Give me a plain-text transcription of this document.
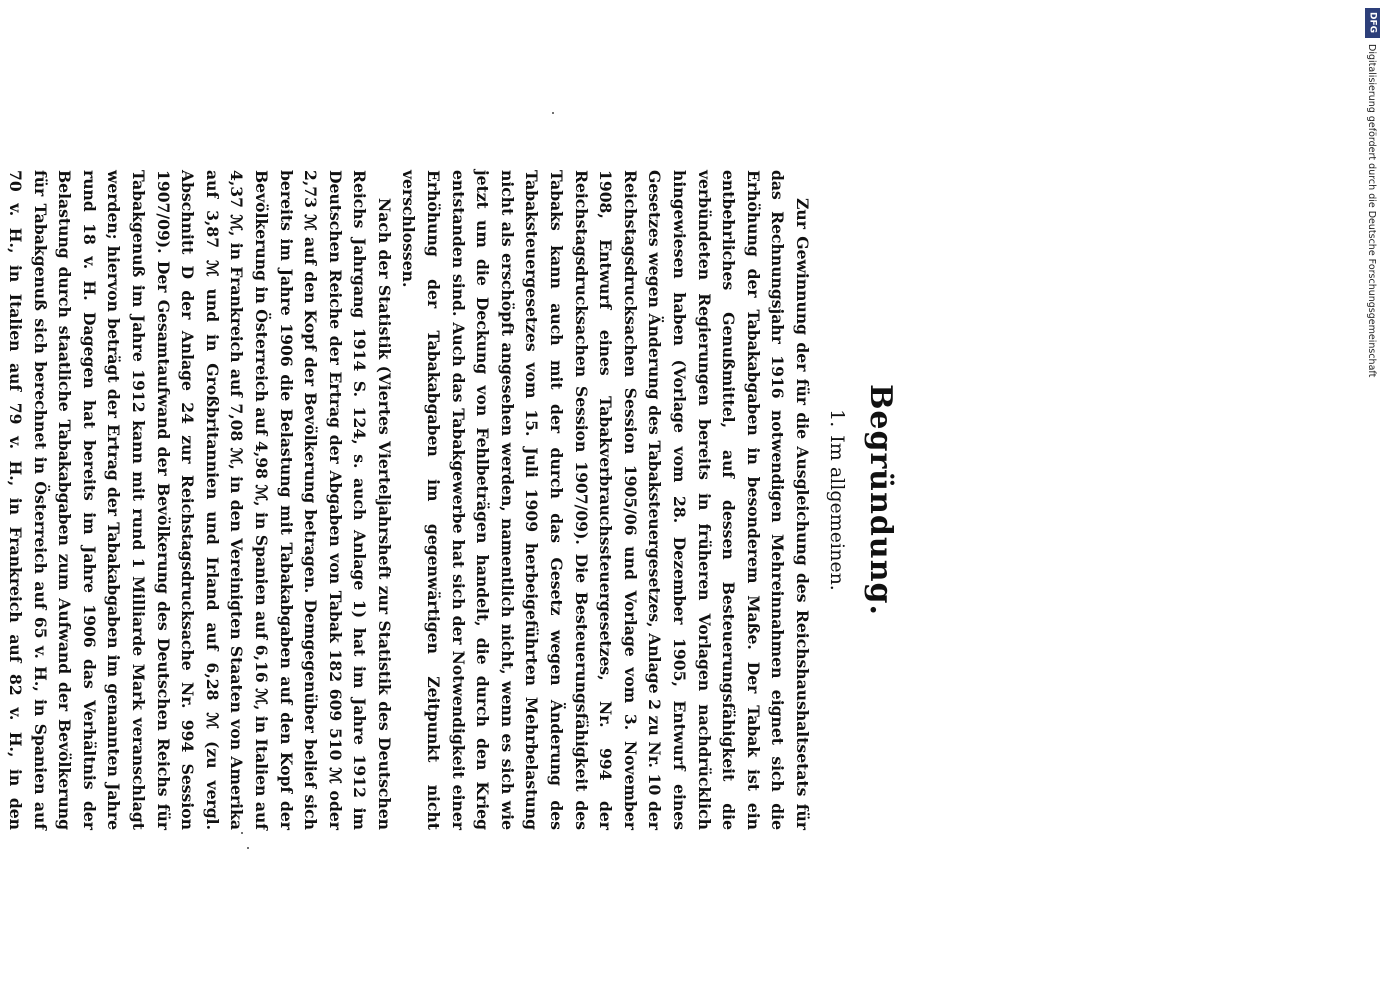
Begründung.
1.Im allgemeinen.

Zur Gewinnung der für die Ausgleichung des Reichshaushaltsetats für das Rechnungsjahr 1916 notwendigen Mehreinnahmen eignet sich die Erhöhung der Tabakabgaben in besonderem Maße. Der Tabak ist ein entbehrliches Genußmittel, auf dessen Besteuerungsfähigkeit die verbündeten Regierungen bereits in früheren Vorlagen nachdrücklich hingewiesen haben (Vorlage vom 28. Dezember 1905, Entwurf eines Gesetzes wegen Änderung des Tabaksteuergesetzes, Anlage 2 zu Nr. 10 der Reichstagsdrucksachen Session 1905/06 und Vorlage vom 3. November 1908, Entwurf eines Tabakverbrauchssteuergesetzes, Nr. 994 der Reichstagsdrucksachen Session 1907/09). Die Besteuerungsfähigkeit des Tabaks kann auch mit der durch das Gesetz wegen Änderung des Tabaksteuergesetzes vom 15. Juli 1909 herbeigeführten Mehrbelastung nicht als erschöpft angesehen werden, namentlich nicht, wenn es sich wie jetzt um die Deckung von Fehlbeträgen handelt, die durch den Krieg entstanden sind. Auch das Tabakgewerbe hat sich der Notwendigkeit einer Erhöhung der Tabakabgaben im gegenwärtigen Zeitpunkt nicht verschlossen.

Nach der Statistik (Viertes Vierteljahrsheft zur Statistik des Deutschen Reichs Jahrgang 1914 S. 124, s. auch Anlage 1) hat im Jahre 1912 im Deutschen Reiche der Ertrag der Abgaben von Tabak 182 609 510 ℳ oder 2,73 ℳ auf den Kopf der Bevölkerung betragen. Demgegenüber belief sich bereits im Jahre 1906 die Belastung mit Tabakabgaben auf den Kopf der Bevölkerung in Österreich auf 4,98 ℳ, in Spanien auf 6,16 ℳ, in Italien auf 4,37 ℳ, in Frankreich auf 7,08 ℳ, in den Vereinigten Staaten von Amerika auf 3,87 ℳ und in Großbritannien und Irland auf 6,28 ℳ (zu vergl. Abschnitt D der Anlage 24 zur Reichstagsdrucksache Nr. 994 Session 1907/09). Der Gesamtaufwand der Bevölkerung des Deutschen Reichs für Tabakgenuß im Jahre 1912 kann mit rund 1 Milliarde Mark veranschlagt werden; hiervon beträgt der Ertrag der Tabakabgaben im genannten Jahre rund 18 v. H. Dagegen hat bereits im Jahre 1906 das Verhältnis der Belastung durch staatliche Tabakabgaben zum Aufwand der Bevölkerung für Tabakgenuß sich berechnet in Österreich auf 65 v. H., in Spanien auf 70 v. H., in Italien auf 79 v. H., in Frankreich auf 82 v. H., in den

DFG
Digitalisierung gefördert durch die Deutsche Forschungsgemeinschaft
